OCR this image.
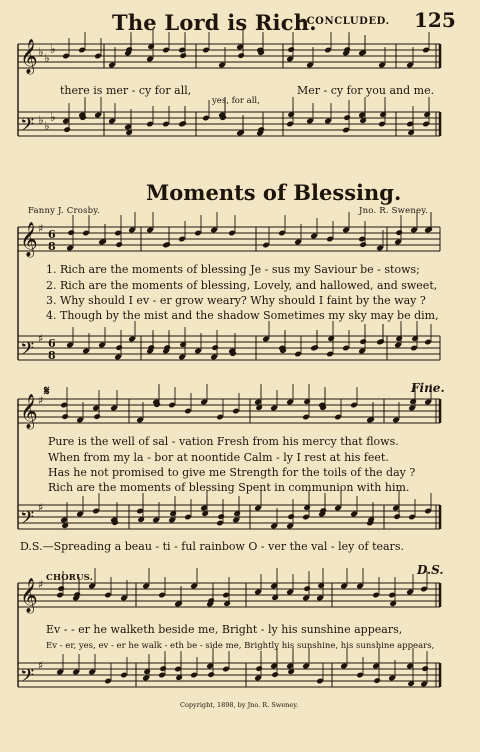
𝄞
𝄢
𝄞
𝄢
𝄞
𝄢
𝄞
𝄢
6
8
6
8
♭ ♭
♭
♭ ♭
♭
♯
♯
♯
♯
♯
♯
𝄋
The Lord is Rich.
—CONCLUDED. 125
there is mer - cy for all,
yes, for all,
Mer - cy for you and me.
Moments of Blessing.
Fanny J. Crosby.	Jno. R. Sweney.
1. Rich are the moments of blessing Je - sus my Saviour be - stows;
2. Rich are the moments of blessing, Lovely, and hallowed, and sweet,
3. Why should I ev - er grow weary? Why should I faint by the way ?
4. Though by the mist and the shadow Sometimes my sky may be dim,
Fine.
Pure is the well of sal - vation Fresh from his mercy that flows.
When from my la - bor at noontide Calm - ly I rest at his feet.
Has he not promised to give me Strength for the toils of the day ?
Rich are the moments of blessing Spent in communion with him.
D.S.—Spreading a beau - ti - ful rainbow O - ver the val - ley of tears.
CHORUS.
D.S.
Ev - - er he walketh beside me, Bright - ly his sunshine appears,
Ev - er, yes, ev - er he walk - eth be - side me, Brightly his sunshine, his sunshine appears,
Copyright, 1898, by Jno. R. Sweney.
